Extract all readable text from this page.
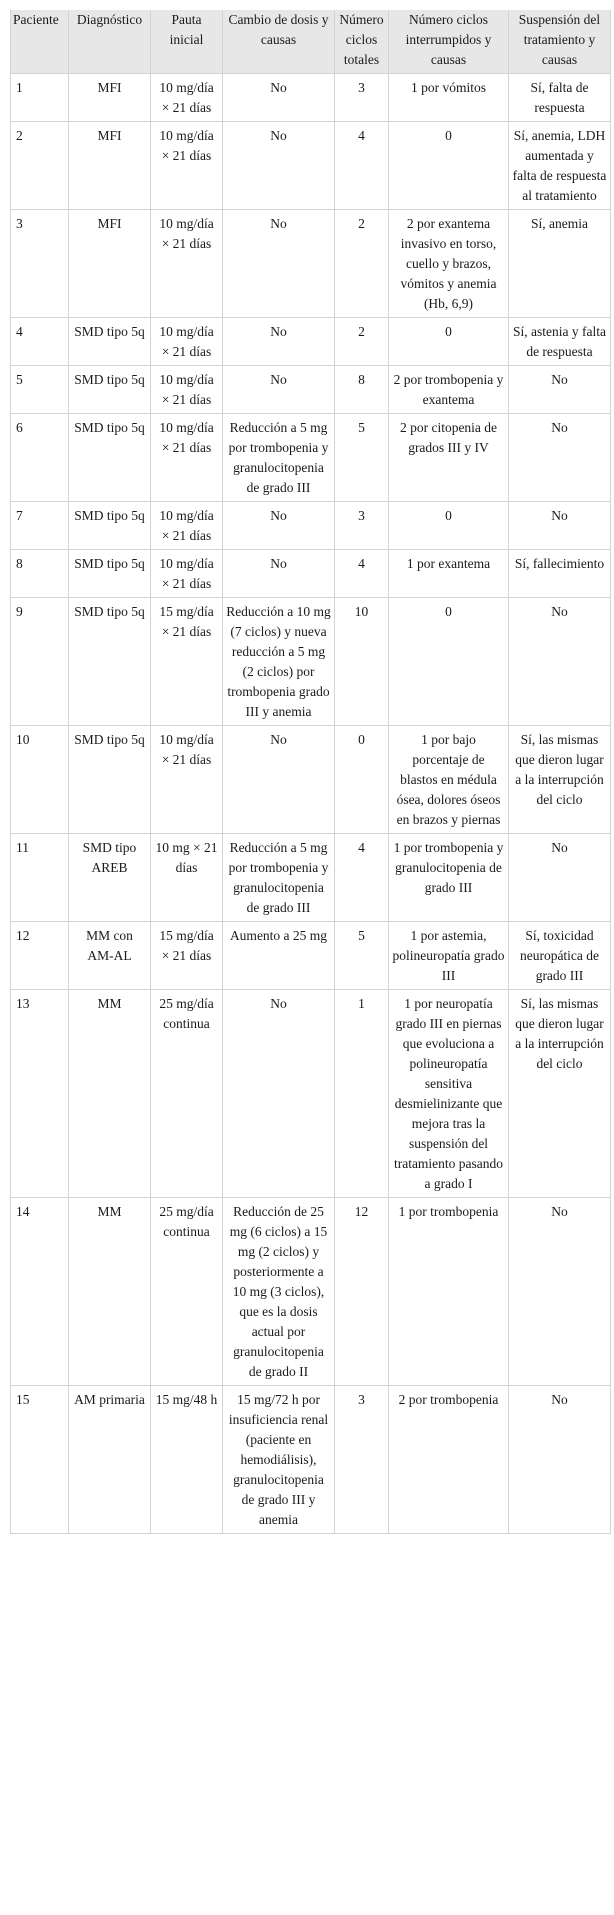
Paciente	Diagnóstico	Pauta inicial	Cambio de dosis y causas	Número ciclos totales	Número ciclos interrumpidos y causas	Suspensión del tratamiento y causas
1	MFI	10 mg/día × 21 días	No	3	1 por vómitos	Sí, falta de respuesta
2	MFI	10 mg/día × 21 días	No	4	0	Sí, anemia, LDH aumentada y falta de respuesta al tratamiento
3	MFI	10 mg/día × 21 días	No	2	2 por exantema invasivo en torso, cuello y brazos, vómitos y anemia (Hb, 6,9)	Sí, anemia
4	SMD tipo 5q	10 mg/día × 21 días	No	2	0	Sí, astenia y falta de respuesta
5	SMD tipo 5q	10 mg/día × 21 días	No	8	2 por trombopenia y exantema	No
6	SMD tipo 5q	10 mg/día × 21 días	Reducción a 5 mg por trombopenia y granulocitopenia de grado III	5	2 por citopenia de grados III y IV	No
7	SMD tipo 5q	10 mg/día × 21 días	No	3	0	No
8	SMD tipo 5q	10 mg/día × 21 días	No	4	1 por exantema	Sí, fallecimiento
9	SMD tipo 5q	15 mg/día × 21 días	Reducción a 10 mg (7 ciclos) y nueva reducción a 5 mg (2 ciclos) por trombopenia grado III y anemia	10	0	No
10	SMD tipo 5q	10 mg/día × 21 días	No	0	1 por bajo porcentaje de blastos en médula ósea, dolores óseos en brazos y piernas	Sí, las mismas que dieron lugar a la interrupción del ciclo
11	SMD tipo AREB	10 mg × 21 días	Reducción a 5 mg por trombopenia y granulocitopenia de grado III	4	1 por trombopenia y granulocitopenia de grado III	No
12	MM con AM-AL	15 mg/día × 21 días	Aumento a 25 mg	5	1 por astemia, polineuropatía grado III	Sí, toxicidad neuropática de grado III
13	MM	25 mg/día continua	No	1	1 por neuropatía grado III en piernas que evoluciona a polineuropatía sensitiva desmielinizante que mejora tras la suspensión del tratamiento pasando a grado I	Sí, las mismas que dieron lugar a la interrupción del ciclo
14	MM	25 mg/día continua	Reducción de 25 mg (6 ciclos) a 15 mg (2 ciclos) y posteriormente a 10 mg (3 ciclos), que es la dosis actual por granulocitopenia de grado II	12	1 por trombopenia	No
15	AM primaria	15 mg/48 h	15 mg/72 h por insuficiencia renal (paciente en hemodiálisis), granulocitopenia de grado III y anemia	3	2 por trombopenia	No
